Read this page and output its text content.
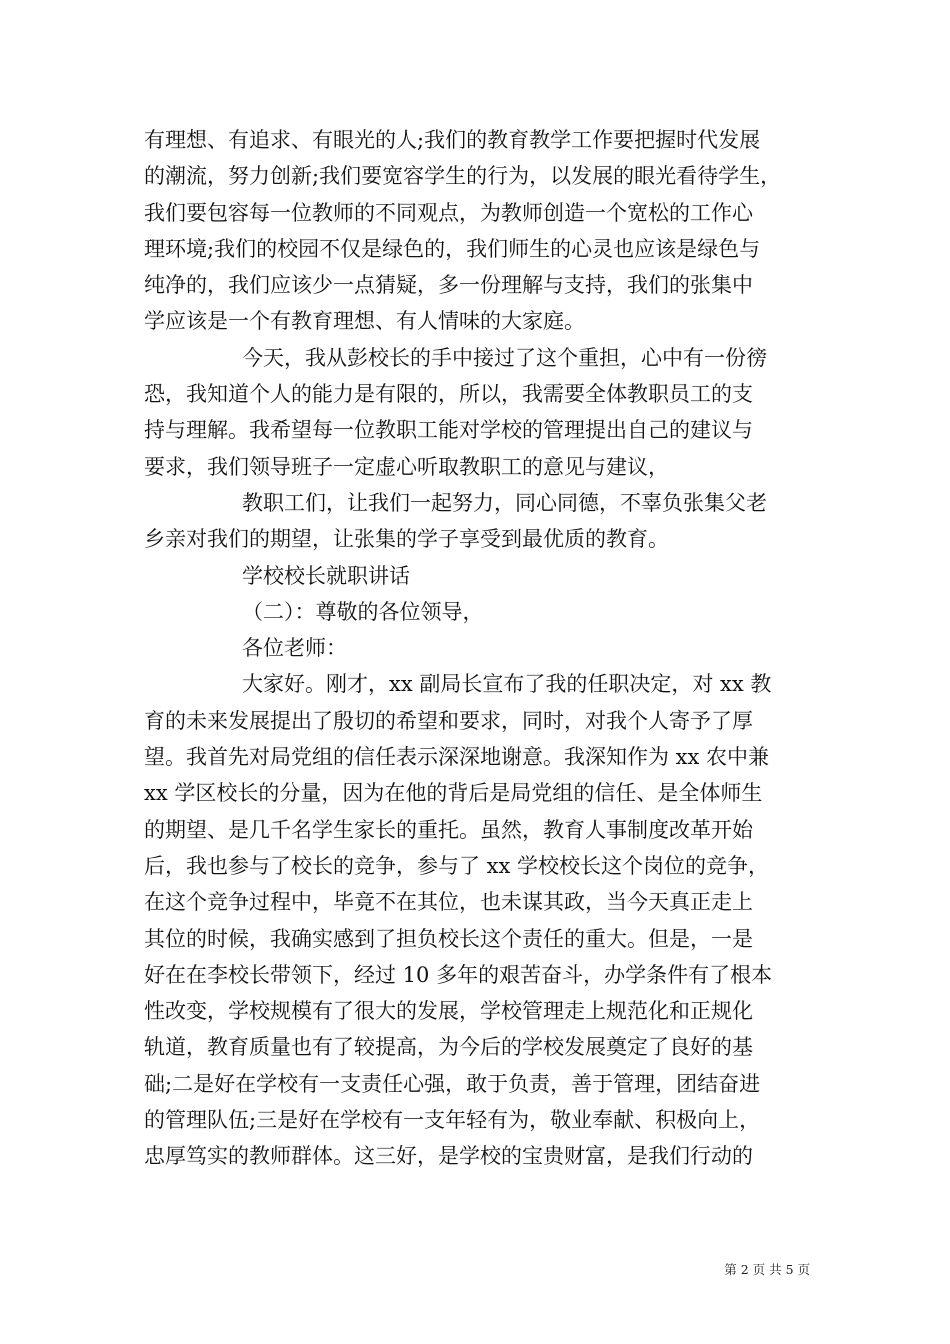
有理想、有追求、有眼光的人;我们的教育教学工作要把握时代发展
的潮流，努力创新;我们要宽容学生的行为，以发展的眼光看待学生，
我们要包容每一位教师的不同观点，为教师创造一个宽松的工作心
理环境;我们的校园不仅是绿色的，我们师生的心灵也应该是绿色与
纯净的，我们应该少一点猜疑，多一份理解与支持，我们的张集中
学应该是一个有教育理想、有人情味的大家庭。
今天，我从彭校长的手中接过了这个重担，心中有一份徬
恐，我知道个人的能力是有限的，所以，我需要全体教职员工的支
持与理解。我希望每一位教职工能对学校的管理提出自己的建议与
要求，我们领导班子一定虚心听取教职工的意见与建议，
教职工们，让我们一起努力，同心同德，不辜负张集父老
乡亲对我们的期望，让张集的学子享受到最优质的教育。
学校校长就职讲话
（二）：尊敬的各位领导，
各位老师：
大家好。刚才，xx 副局长宣布了我的任职决定，对 xx 教
育的未来发展提出了殷切的希望和要求，同时，对我个人寄予了厚
望。我首先对局党组的信任表示深深地谢意。我深知作为 xx 农中兼
xx 学区校长的分量，因为在他的背后是局党组的信任、是全体师生
的期望、是几千名学生家长的重托。虽然，教育人事制度改革开始
后，我也参与了校长的竞争，参与了 xx 学校校长这个岗位的竞争，
在这个竞争过程中，毕竟不在其位，也未谋其政，当今天真正走上
其位的时候，我确实感到了担负校长这个责任的重大。但是，一是
好在在李校长带领下，经过 10 多年的艰苦奋斗，办学条件有了根本
性改变，学校规模有了很大的发展，学校管理走上规范化和正规化
轨道，教育质量也有了较提高，为今后的学校发展奠定了良好的基
础;二是好在学校有一支责任心强，敢于负责，善于管理，团结奋进
的管理队伍;三是好在学校有一支年轻有为，敬业奉献、积极向上，
忠厚笃实的教师群体。这三好，是学校的宝贵财富，是我们行动的
第 2 页 共 5 页
